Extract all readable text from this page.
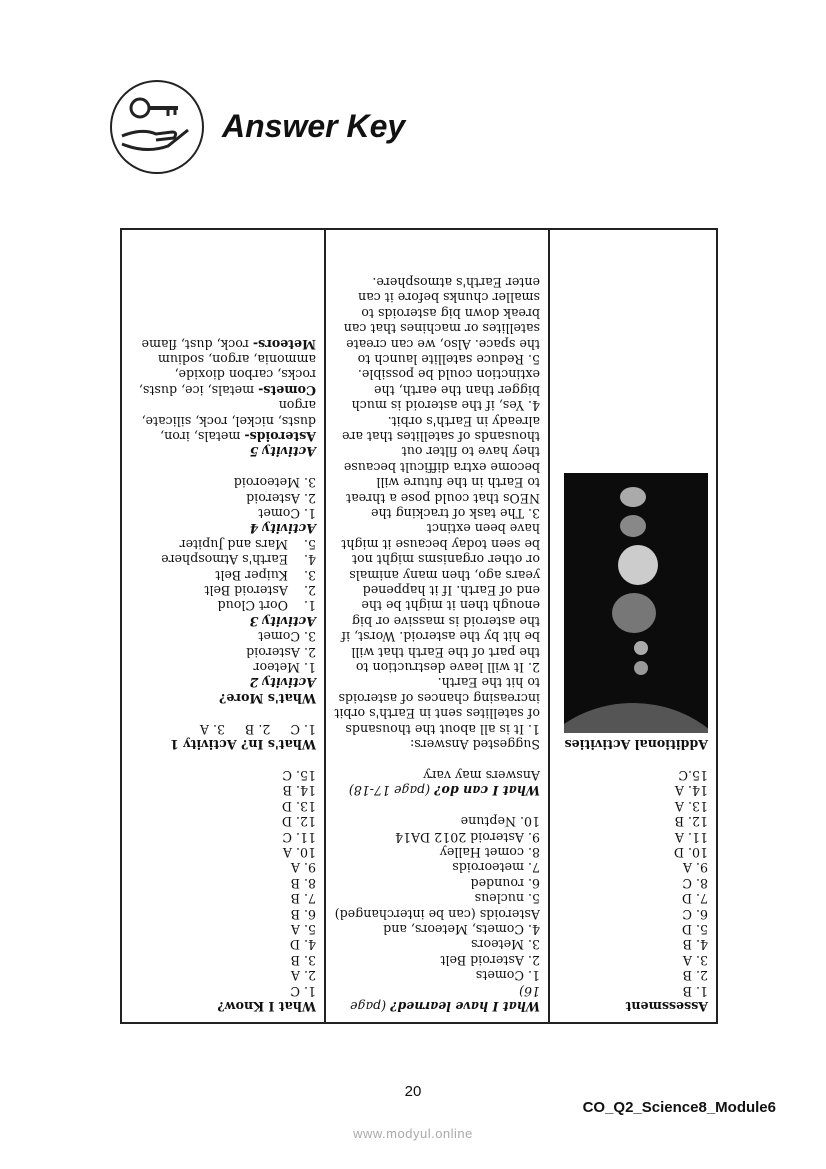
Answer Key
What I Know?
1. C
2. A
3. B
4. D
5. A
6. B
7. B
8. B
9. A
10. A
11. C
12. D
13. D
14. B
15. C
What's In? Activity 1
1. C     2. B     3. A
What's More?
Activity 2
1. Meteor
2. Asteroid
3. Comet
Activity 3
1.    Oort Cloud
2.    Asteroid Belt
3.    Kuiper Belt
4.    Earth's Atmosphere
5.    Mars and Jupiter
Activity 4
1. Comet
2. Asteroid
3. Meteoroid
Activity 5
Asteroids- metals, iron, dusts, nickel, rock, silicate, argon
Comets- metals, ice, dusts, rocks, carbon dioxide, ammonia, argon, sodium
Meteors- rock, dust, flame
What I have learned? (page 16)
1. Comets
2. Asteroid Belt
3. Meteors
4. Comets, Meteors, and Asteroids (can be interchanged)
5. nucleus
6. rounded
7. meteoroids
8. comet Halley
9. Asteroid 2012 DA14
10. Neptune
What I can do? (page 17-18)
Answers may vary
Suggested Answers:
1. It is all about the thousands of satellites sent in Earth's orbit increasing chances of asteroids to hit the Earth.
2. It will leave destruction to the part of the Earth that will be hit by the asteroid. Worst, if the asteroid is massive or big enough then it might be the end of Earth. If it happened years ago, then many animals or other organisms might not be seen today because it might have been extinct
3. The task of tracking the NEOs that could pose a threat to Earth in the future will become extra difficult because they have to filter out thousands of satellites that are already in Earth's orbit.
4. Yes, if the asteroid is much bigger than the earth, the extinction could be possible.
5. Reduce satellite launch to the space. Also, we can create satellites or machines that can break down big asteroids to smaller chunks before it can enter Earth's atmosphere.
Assessment
1. B
2. B
3. A
4. B
5. D
6. C
7. D
8. C
9. A
10. D
11. A
12. B
13. A
14. A
15.C
Additional Activities
20
CO_Q2_Science8_Module6
www.modyul.online
